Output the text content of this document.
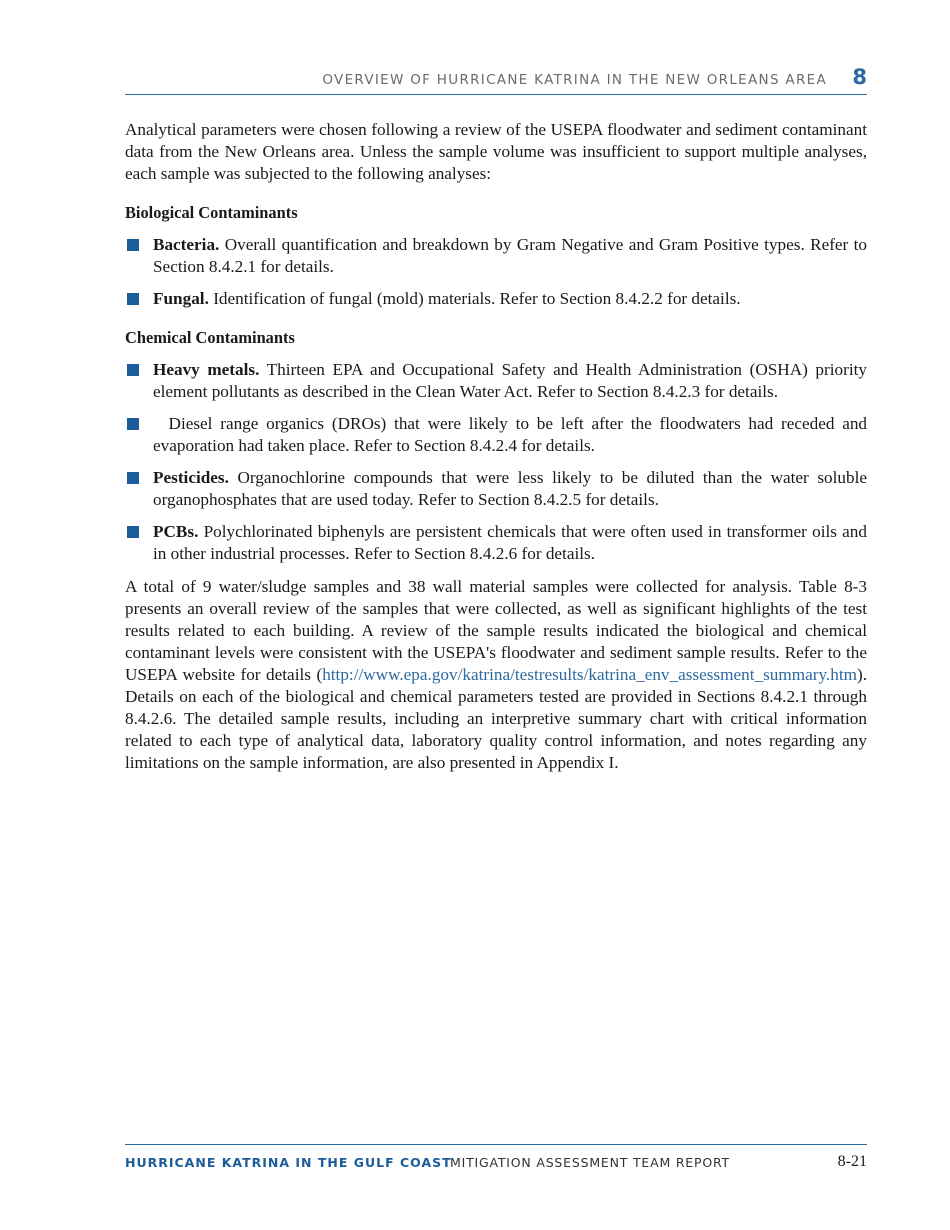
OVERVIEW OF HURRICANE KATRINA IN THE NEW ORLEANS AREA 8

Analytical parameters were chosen following a review of the USEPA floodwater and sediment contaminant data from the New Orleans area. Unless the sample volume was insufficient to support multiple analyses, each sample was subjected to the following analyses:

Biological Contaminants
Bacteria. Overall quantification and breakdown by Gram Negative and Gram Positive types. Refer to Section 8.4.2.1 for details.
Fungal. Identification of fungal (mold) materials. Refer to Section 8.4.2.2 for details.
Chemical Contaminants
Heavy metals. Thirteen EPA and Occupational Safety and Health Administration (OSHA) priority element pollutants as described in the Clean Water Act. Refer to Section 8.4.2.3 for details.
Diesel range organics (DROs) that were likely to be left after the floodwaters had receded and evaporation had taken place. Refer to Section 8.4.2.4 for details.
Pesticides. Organochlorine compounds that were less likely to be diluted than the water soluble organophosphates that are used today. Refer to Section 8.4.2.5 for details.
PCBs. Polychlorinated biphenyls are persistent chemicals that were often used in transformer oils and in other industrial processes. Refer to Section 8.4.2.6 for details.

A total of 9 water/sludge samples and 38 wall material samples were collected for analysis. Table 8-3 presents an overall review of the samples that were collected, as well as significant highlights of the test results related to each building. A review of the sample results indicated the biological and chemical contaminant levels were consistent with the USEPA's floodwater and sediment sample results. Refer to the USEPA website for details (http://www.epa.gov/katrina/testresults/katrina_env_assessment_summary.htm). Details on each of the biological and chemical parameters tested are provided in Sections 8.4.2.1 through 8.4.2.6. The detailed sample results, including an interpretive summary chart with critical information related to each type of analytical data, laboratory quality control information, and notes regarding any limitations on the sample information, are also presented in Appendix I.

HURRICANE KATRINA IN THE GULF COAST
MITIGATION ASSESSMENT TEAM REPORT	8-21
